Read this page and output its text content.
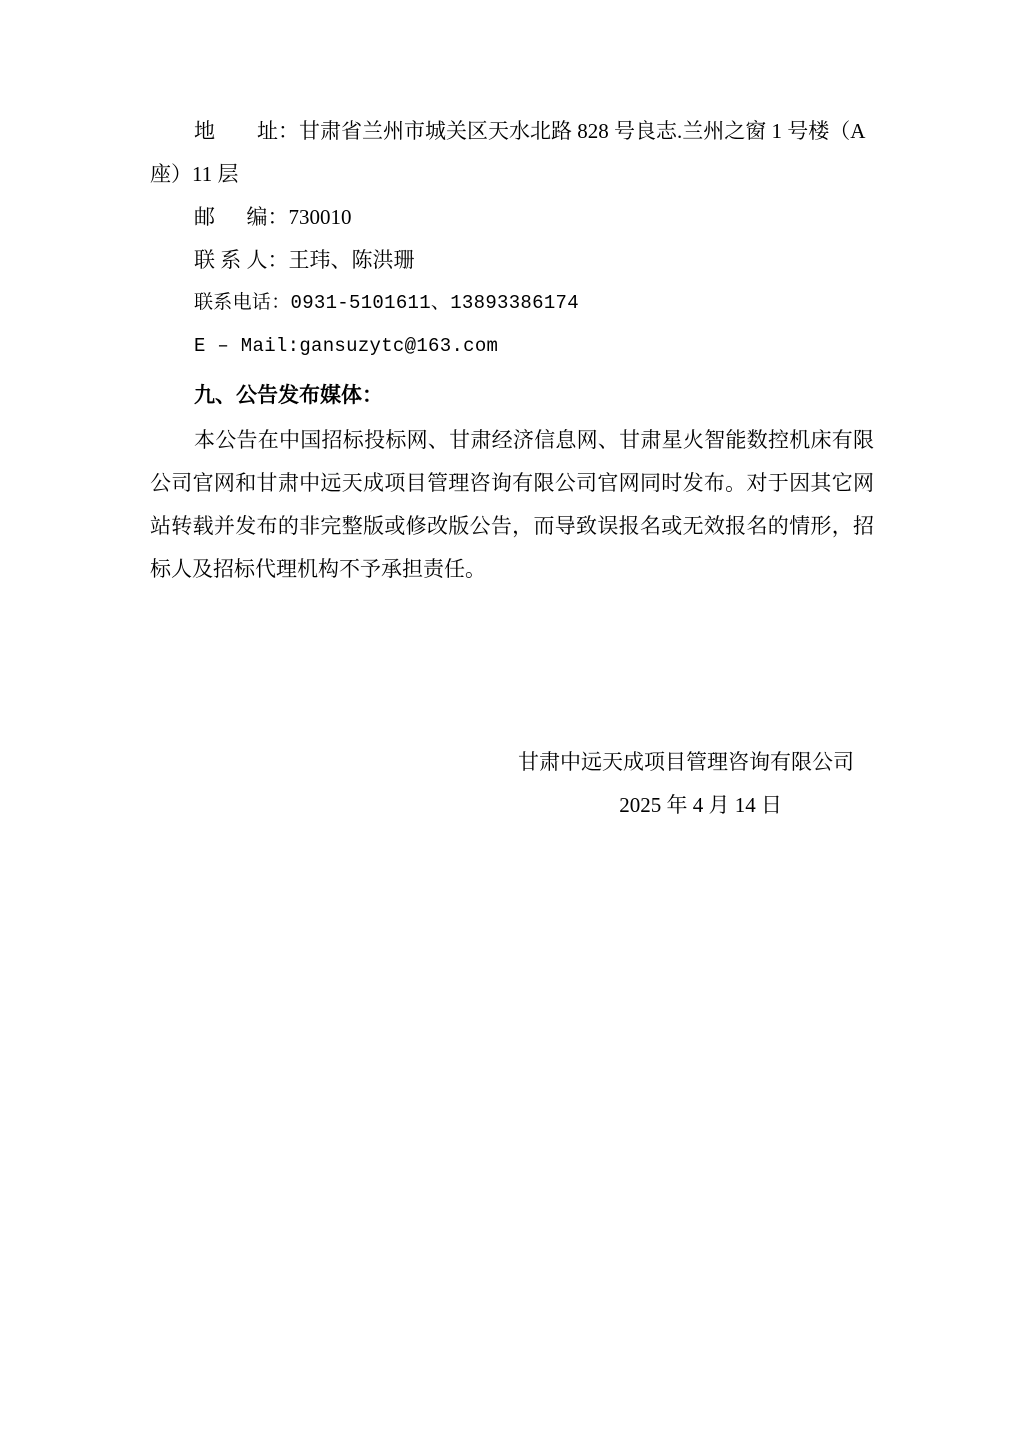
地        址：甘肃省兰州市城关区天水北路 828 号良志.兰州之窗 1 号楼（A
座）11 层
邮      编：730010
联 系 人：王玮、陈洪珊
联系电话：0931-5101611、13893386174
E – Mail:gansuzytc@163.com
九、公告发布媒体：
本公告在中国招标投标网、甘肃经济信息网、甘肃星火智能数控机床有限公司官网和甘肃中远天成项目管理咨询有限公司官网同时发布。对于因其它网站转载并发布的非完整版或修改版公告，而导致误报名或无效报名的情形，招标人及招标代理机构不予承担责任。
甘肃中远天成项目管理咨询有限公司
2025 年 4 月 14 日
